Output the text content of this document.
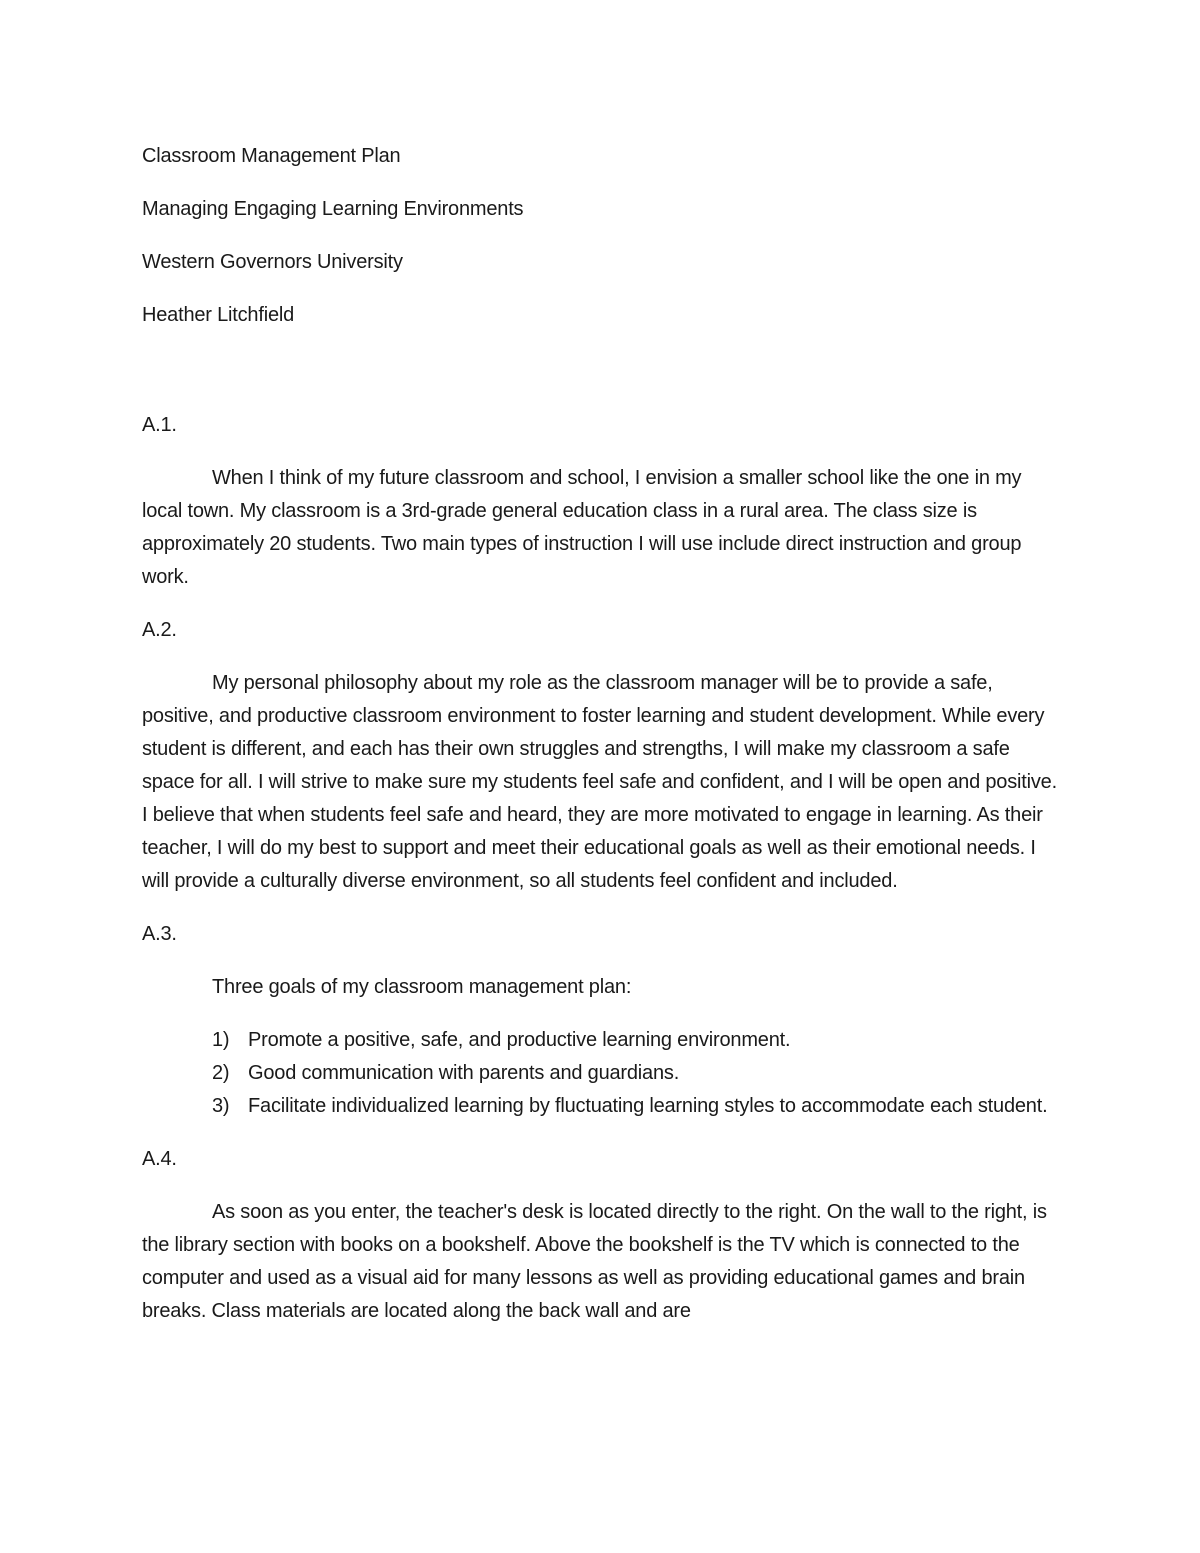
Classroom Management Plan
Managing Engaging Learning Environments
Western Governors University
Heather Litchfield
A.1.

When I think of my future classroom and school, I envision a smaller school like the one in my local town. My classroom is a 3rd-grade general education class in a rural area. The class size is approximately 20 students. Two main types of instruction I will use include direct instruction and group work.

A.2.

My personal philosophy about my role as the classroom manager will be to provide a safe, positive, and productive classroom environment to foster learning and student development. While every student is different, and each has their own struggles and strengths, I will make my classroom a safe space for all. I will strive to make sure my students feel safe and confident, and I will be open and positive. I believe that when students feel safe and heard, they are more motivated to engage in learning. As their teacher, I will do my best to support and meet their educational goals as well as their emotional needs. I will provide a culturally diverse environment, so all students feel confident and included.

A.3.

Three goals of my classroom management plan:

1) Promote a positive, safe, and productive learning environment.
2) Good communication with parents and guardians.
3) Facilitate individualized learning by fluctuating learning styles to accommodate each student.
A.4.

As soon as you enter, the teacher's desk is located directly to the right. On the wall to the right, is the library section with books on a bookshelf. Above the bookshelf is the TV which is connected to the computer and used as a visual aid for many lessons as well as providing educational games and brain breaks. Class materials are located along the back wall and are
